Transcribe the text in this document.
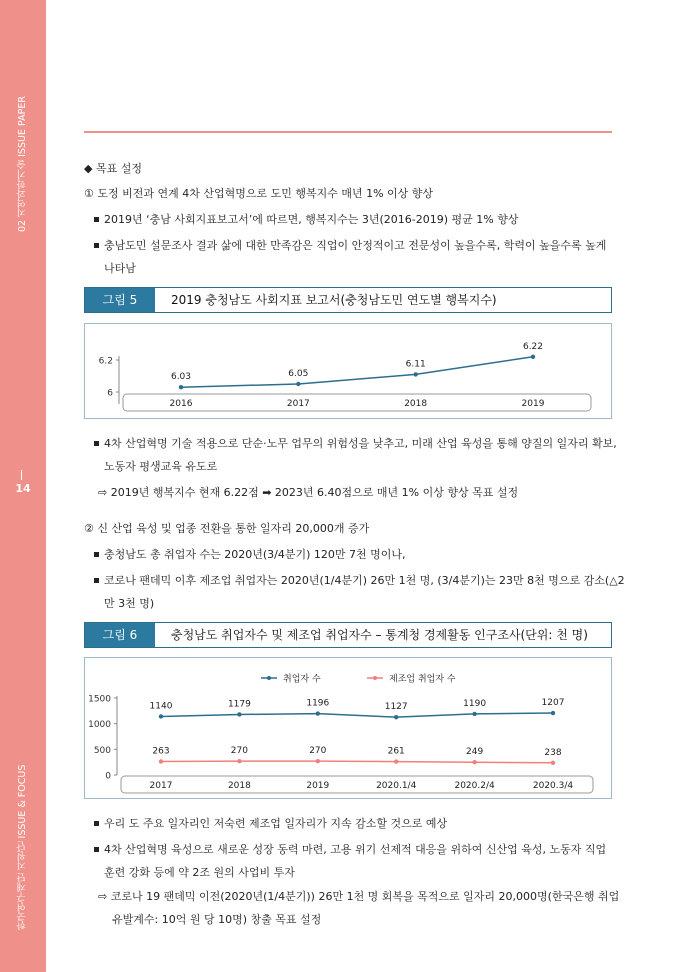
02 지역과학기술 ISSUE PAPER
14
한국연구재단 지원단 ISSUE & FOCUS
◆ 목표 설정
① 도정 비전과 연계 4차 산업혁명으로 도민 행복지수 매년 1% 이상 향상
2019년 ‘충남 사회지표보고서’에 따르면, 행복지수는 3년(2016-2019) 평균 1% 향상
충남도민 설문조사 결과 삶에 대한 만족감은 직업이 안정적이고 전문성이 높을수록, 학력이 높을수록 높게
나타남
그림 5	2019 충청남도 사회지표 보고서(충청남도민 연도별 행복지수)
6.2
6
2016	2017	2018	2019
6.03	6.05
6.11
6.22
4차 산업혁명 기술 적용으로 단순·노무 업무의 위험성을 낮추고, 미래 산업 육성을 통해 양질의 일자리 확보,
노동자 평생교육 유도로
⇨ 2019년 행복지수 현재 6.22점 ➡ 2023년 6.40점으로 매년 1% 이상 향상 목표 설정
② 신 산업 육성 및 업종 전환을 통한 일자리 20,000개 증가
충청남도 총 취업자 수는 2020년(3/4분기) 120만 7천 명이나,
코로나 팬데믹 이후 제조업 취업자는 2020년(1/4분기) 26만 1천 명, (3/4분기)는 23만 8천 명으로 감소(△2
만 3천 명)
그림 6	충청남도 취업자수 및 제조업 취업자수 – 통계청 경제활동 인구조사(단위: 천 명)
1500
1000
500
0
2017	2018	2019	2020.1/4	2020.2/4	2020.3/4
1140	1179	1196	1127	1190	1207
263	270	270	261	249	238
취업자 수	제조업 취업자 수
우리 도 주요 일자리인 저숙련 제조업 일자리가 지속 감소할 것으로 예상
4차 산업혁명 육성으로 새로운 성장 동력 마련, 고용 위기 선제적 대응을 위하여 신산업 육성, 노동자 직업
훈련 강화 등에 약 2조 원의 사업비 투자
⇨ 코로나 19 팬데믹 이전(2020년(1/4분기)) 26만 1천 명 회복을 목적으로 일자리 20,000명(한국은행 취업
유발계수: 10억 원 당 10명) 창출 목표 설정
